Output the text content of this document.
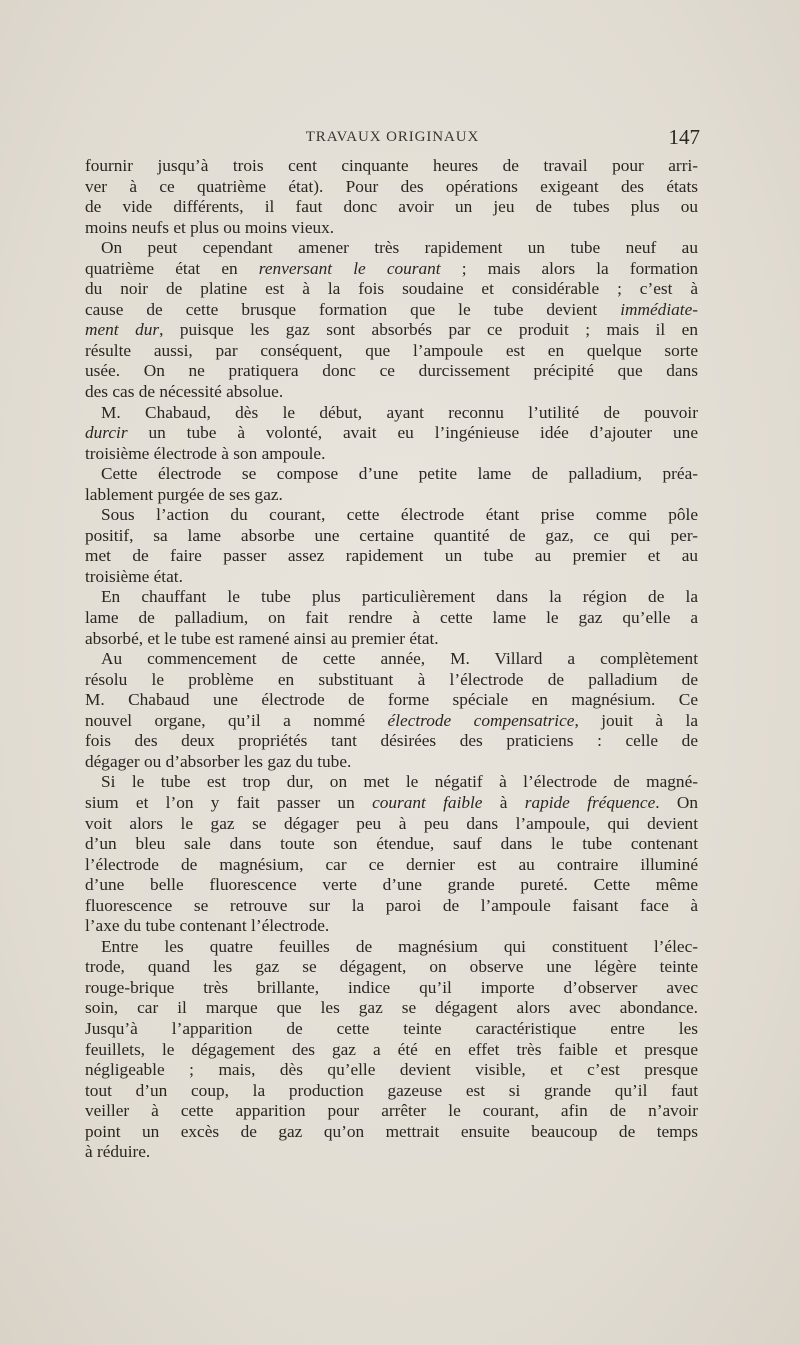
TRAVAUX ORIGINAUX	147
fournir jusqu’à trois cent cinquante heures de travail pour arri-
ver à ce quatrième état). Pour des opérations exigeant des états
de vide différents, il faut donc avoir un jeu de tubes plus ou
moins neufs et plus ou moins vieux.
On peut cependant amener très rapidement un tube neuf au
quatrième état en renversant le courant ; mais alors la formation
du noir de platine est à la fois soudaine et considérable ; c’est à
cause de cette brusque formation que le tube devient immédiate-
ment dur, puisque les gaz sont absorbés par ce produit ; mais il en
résulte aussi, par conséquent, que l’ampoule est en quelque sorte
usée. On ne pratiquera donc ce durcissement précipité que dans
des cas de nécessité absolue.
M. Chabaud, dès le début, ayant reconnu l’utilité de pouvoir
durcir un tube à volonté, avait eu l’ingénieuse idée d’ajouter une
troisième électrode à son ampoule.
Cette électrode se compose d’une petite lame de palladium, préa-
lablement purgée de ses gaz.
Sous l’action du courant, cette électrode étant prise comme pôle
positif, sa lame absorbe une certaine quantité de gaz, ce qui per-
met de faire passer assez rapidement un tube au premier et au
troisième état.
En chauffant le tube plus particulièrement dans la région de la
lame de palladium, on fait rendre à cette lame le gaz qu’elle a
absorbé, et le tube est ramené ainsi au premier état.
Au commencement de cette année, M. Villard a complètement
résolu le problème en substituant à l’électrode de palladium de
M. Chabaud une électrode de forme spéciale en magnésium. Ce
nouvel organe, qu’il a nommé électrode compensatrice, jouit à la
fois des deux propriétés tant désirées des praticiens : celle de
dégager ou d’absorber les gaz du tube.
Si le tube est trop dur, on met le négatif à l’électrode de magné-
sium et l’on y fait passer un courant faible à rapide fréquence. On
voit alors le gaz se dégager peu à peu dans l’ampoule, qui devient
d’un bleu sale dans toute son étendue, sauf dans le tube contenant
l’électrode de magnésium, car ce dernier est au contraire illuminé
d’une belle fluorescence verte d’une grande pureté. Cette même
fluorescence se retrouve sur la paroi de l’ampoule faisant face à
l’axe du tube contenant l’électrode.
Entre les quatre feuilles de magnésium qui constituent l’élec-
trode, quand les gaz se dégagent, on observe une légère teinte
rouge-brique très brillante, indice qu’il importe d’observer avec
soin, car il marque que les gaz se dégagent alors avec abondance.
Jusqu’à l’apparition de cette teinte caractéristique entre les
feuillets, le dégagement des gaz a été en effet très faible et presque
négligeable ; mais, dès qu’elle devient visible, et c’est presque
tout d’un coup, la production gazeuse est si grande qu’il faut
veiller à cette apparition pour arrêter le courant, afin de n’avoir
point un excès de gaz qu’on mettrait ensuite beaucoup de temps
à réduire.
